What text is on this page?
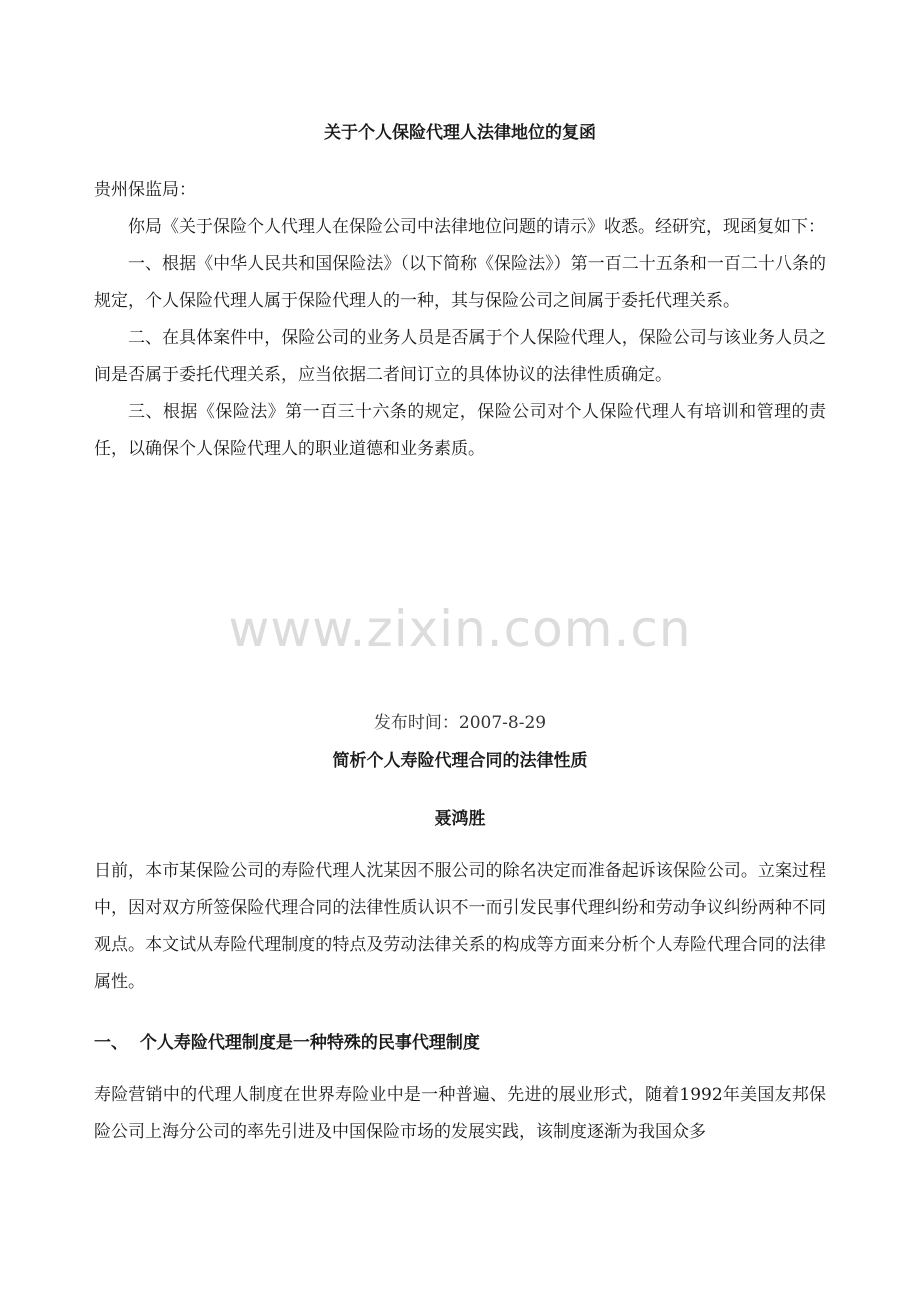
关于个人保险代理人法律地位的复函

贵州保监局：

你局《关于保险个人代理人在保险公司中法律地位问题的请示》收悉。经研究，现函复如下：

一、根据《中华人民共和国保险法》（以下简称《保险法》）第一百二十五条和一百二十八条的规定，个人保险代理人属于保险代理人的一种，其与保险公司之间属于委托代理关系。

二、在具体案件中，保险公司的业务人员是否属于个人保险代理人，保险公司与该业务人员之间是否属于委托代理关系，应当依据二者间订立的具体协议的法律性质确定。

三、根据《保险法》第一百三十六条的规定，保险公司对个人保险代理人有培训和管理的责任，以确保个人保险代理人的职业道德和业务素质。

www.zixin.com.cn
发布时间：2007-8-29
简析个人寿险代理合同的法律性质
聂鸿胜

日前，本市某保险公司的寿险代理人沈某因不服公司的除名决定而准备起诉该保险公司。立案过程中，因对双方所签保险代理合同的法律性质认识不一而引发民事代理纠纷和劳动争议纠纷两种不同观点。本文试从寿险代理制度的特点及劳动法律关系的构成等方面来分析个人寿险代理合同的法律属性。

一、  个人寿险代理制度是一种特殊的民事代理制度

寿险营销中的代理人制度在世界寿险业中是一种普遍、先进的展业形式，随着1992年美国友邦保险公司上海分公司的率先引进及中国保险市场的发展实践，该制度逐渐为我国众多
